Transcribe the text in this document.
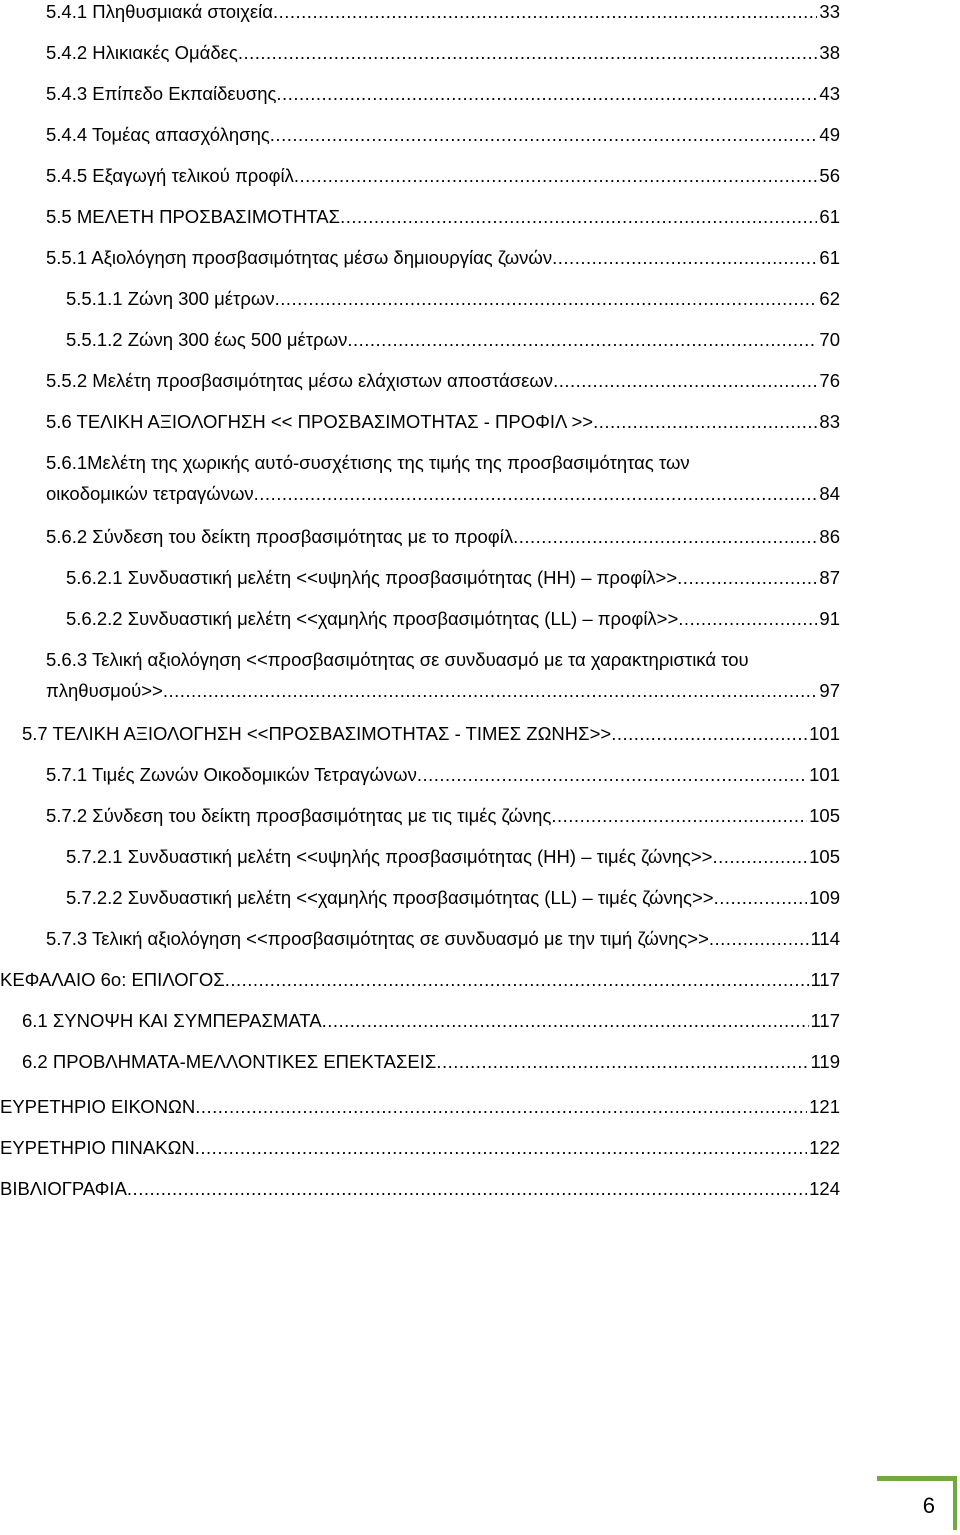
5.4.1 Πληθυσμιακά στοιχεία .....	33
5.4.2 Ηλικιακές Ομάδες .....	38
5.4.3 Επίπεδο Εκπαίδευσης .....	43
5.4.4 Τομέας απασχόλησης .....	49
5.4.5 Εξαγωγή τελικού προφίλ .....	56
5.5 ΜΕΛΕΤΗ ΠΡΟΣΒΑΣΙΜΟΤΗΤΑΣ .....	61
5.5.1 Αξιολόγηση προσβασιμότητας μέσω δημιουργίας ζωνών .....	61
5.5.1.1 Ζώνη 300 μέτρων .....	62
5.5.1.2 Ζώνη 300 έως 500 μέτρων .....	70
5.5.2 Μελέτη προσβασιμότητας μέσω ελάχιστων αποστάσεων .....	76
5.6 ΤΕΛΙΚΗ ΑΞΙΟΛΟΓΗΣΗ << ΠΡΟΣΒΑΣΙΜΟΤΗΤΑΣ - ΠΡΟΦΙΛ >> .....	83
5.6.1Μελέτη της χωρικής αυτό-συσχέτισης της τιμής της προσβασιμότητας των
οικοδομικών τετραγώνων .....	84
5.6.2 Σύνδεση του δείκτη προσβασιμότητας με το προφίλ .....	86
5.6.2.1 Συνδυαστική μελέτη <<υψηλής προσβασιμότητας (HH) – προφίλ>> .....	87
5.6.2.2 Συνδυαστική μελέτη <<χαμηλής προσβασιμότητας (LL) – προφίλ>> .....	91
5.6.3 Τελική αξιολόγηση <<προσβασιμότητας σε συνδυασμό με τα χαρακτηριστικά του
πληθυσμού>> .....	97
5.7 ΤΕΛΙΚΗ ΑΞΙΟΛΟΓΗΣΗ <<ΠΡΟΣΒΑΣΙΜΟΤΗΤΑΣ - ΤΙΜΕΣ ΖΩΝΗΣ>> .....	101
5.7.1 Τιμές Ζωνών Οικοδομικών Τετραγώνων .....	101
5.7.2 Σύνδεση του δείκτη προσβασιμότητας με τις τιμές ζώνης .....	105
5.7.2.1 Συνδυαστική μελέτη <<υψηλής προσβασιμότητας (HH) – τιμές ζώνης>> .....	105
5.7.2.2 Συνδυαστική μελέτη <<χαμηλής προσβασιμότητας (LL) – τιμές ζώνης>> .....	109
5.7.3 Τελική αξιολόγηση <<προσβασιμότητας σε συνδυασμό με την τιμή ζώνης>> .....	114
ΚΕΦΑΛΑΙΟ 6ο: ΕΠΙΛΟΓΟΣ .....	117
6.1 ΣΥΝΟΨΗ ΚΑΙ ΣΥΜΠΕΡΑΣΜΑΤΑ .....	117
6.2 ΠΡΟΒΛΗΜΑΤΑ-ΜΕΛΛΟΝΤΙΚΕΣ ΕΠΕΚΤΑΣΕΙΣ .....	119
ΕΥΡΕΤΗΡΙΟ ΕΙΚΟΝΩΝ .....	121
ΕΥΡΕΤΗΡΙΟ ΠΙΝΑΚΩΝ .....	122
ΒΙΒΛΙΟΓΡΑΦΙΑ .....	124
6
